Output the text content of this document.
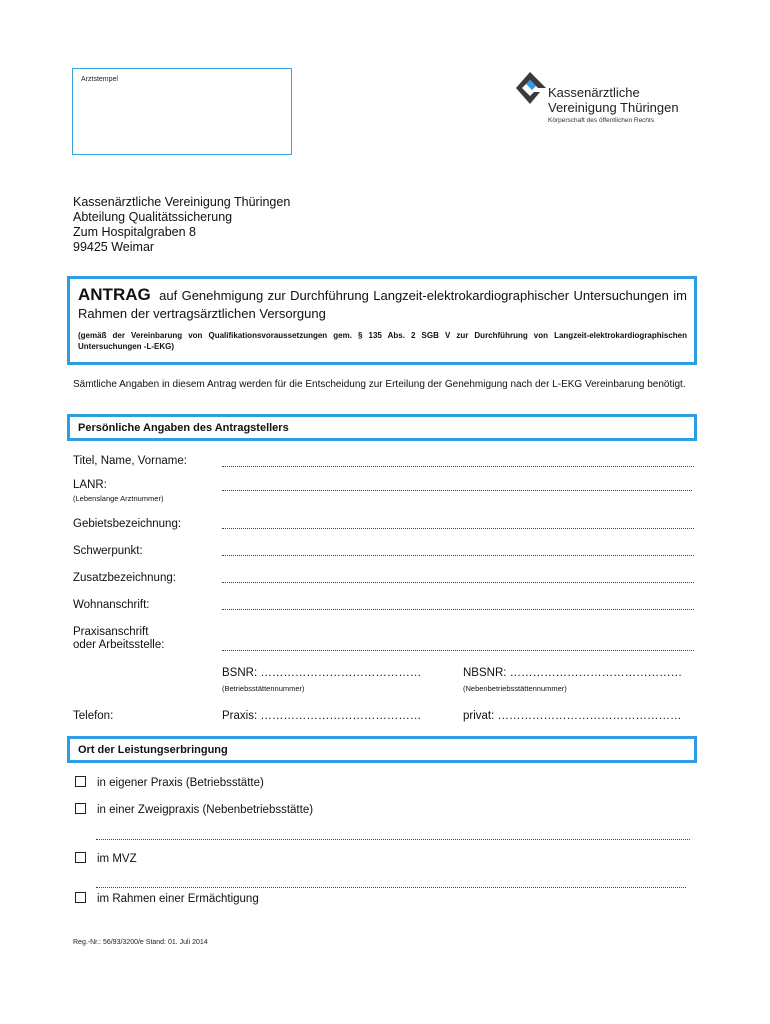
Arztstempel
Kassenärztliche
Vereinigung Thüringen
Körperschaft des öffentlichen Rechts
Kassenärztliche Vereinigung Thüringen
Abteilung Qualitätssicherung
Zum Hospitalgraben 8
99425 Weimar
ANTRAG auf Genehmigung zur Durchführung Langzeit-elektrokardiographischer Untersuchungen im Rahmen der vertragsärztlichen Versorgung
(gemäß der Vereinbarung von Qualifikationsvoraussetzungen gem. § 135 Abs. 2 SGB V zur Durchführung von Langzeit-elektrokardiographischen Untersuchungen -L-EKG)
Sämtliche Angaben in diesem Antrag werden für die Entscheidung zur Erteilung der Genehmigung nach der L-EKG Vereinbarung benötigt.
Persönliche Angaben des Antragstellers
Titel, Name, Vorname:
LANR:
(Lebenslange Arztnummer)
Gebietsbezeichnung:
Schwerpunkt:
Zusatzbezeichnung:
Wohnanschrift:
Praxisanschrift
oder Arbeitsstelle:
BSNR: ……………………………………
(Betriebsstättennummer)
NBSNR: ………………………………………
(Nebenbetriebsstättennummer)
Telefon:	Praxis: ……………………………………	privat: …………………………………………
Ort der Leistungserbringung
in eigener Praxis (Betriebsstätte)
in einer Zweigpraxis (Nebenbetriebsstätte)
im MVZ
im Rahmen einer Ermächtigung
Reg.-Nr.: 56/93/3200/e Stand: 01. Juli 2014
